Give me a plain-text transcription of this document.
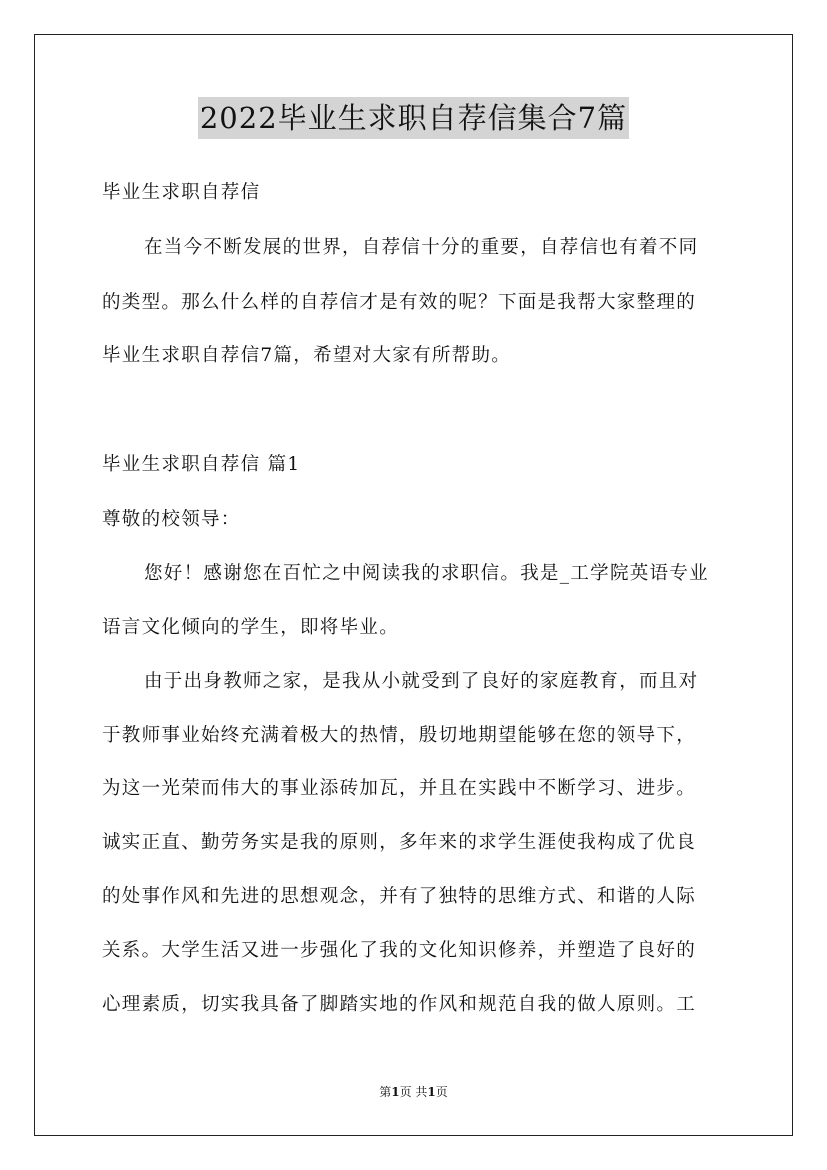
2022毕业生求职自荐信集合7篇
毕业生求职自荐信
在当今不断发展的世界，自荐信十分的重要，自荐信也有着不同
的类型。那么什么样的自荐信才是有效的呢？下面是我帮大家整理的
毕业生求职自荐信7篇，希望对大家有所帮助。
毕业生求职自荐信 篇1
尊敬的校领导：
您好！感谢您在百忙之中阅读我的求职信。我是_工学院英语专业
语言文化倾向的学生，即将毕业。
由于出身教师之家，是我从小就受到了良好的家庭教育，而且对
于教师事业始终充满着极大的热情，殷切地期望能够在您的领导下，
为这一光荣而伟大的事业添砖加瓦，并且在实践中不断学习、进步。
诚实正直、勤劳务实是我的原则，多年来的求学生涯使我构成了优良
的处事作风和先进的思想观念，并有了独特的思维方式、和谐的人际
关系。大学生活又进一步强化了我的文化知识修养，并塑造了良好的
心理素质，切实我具备了脚踏实地的作风和规范自我的做人原则。工
第1页 共1页
